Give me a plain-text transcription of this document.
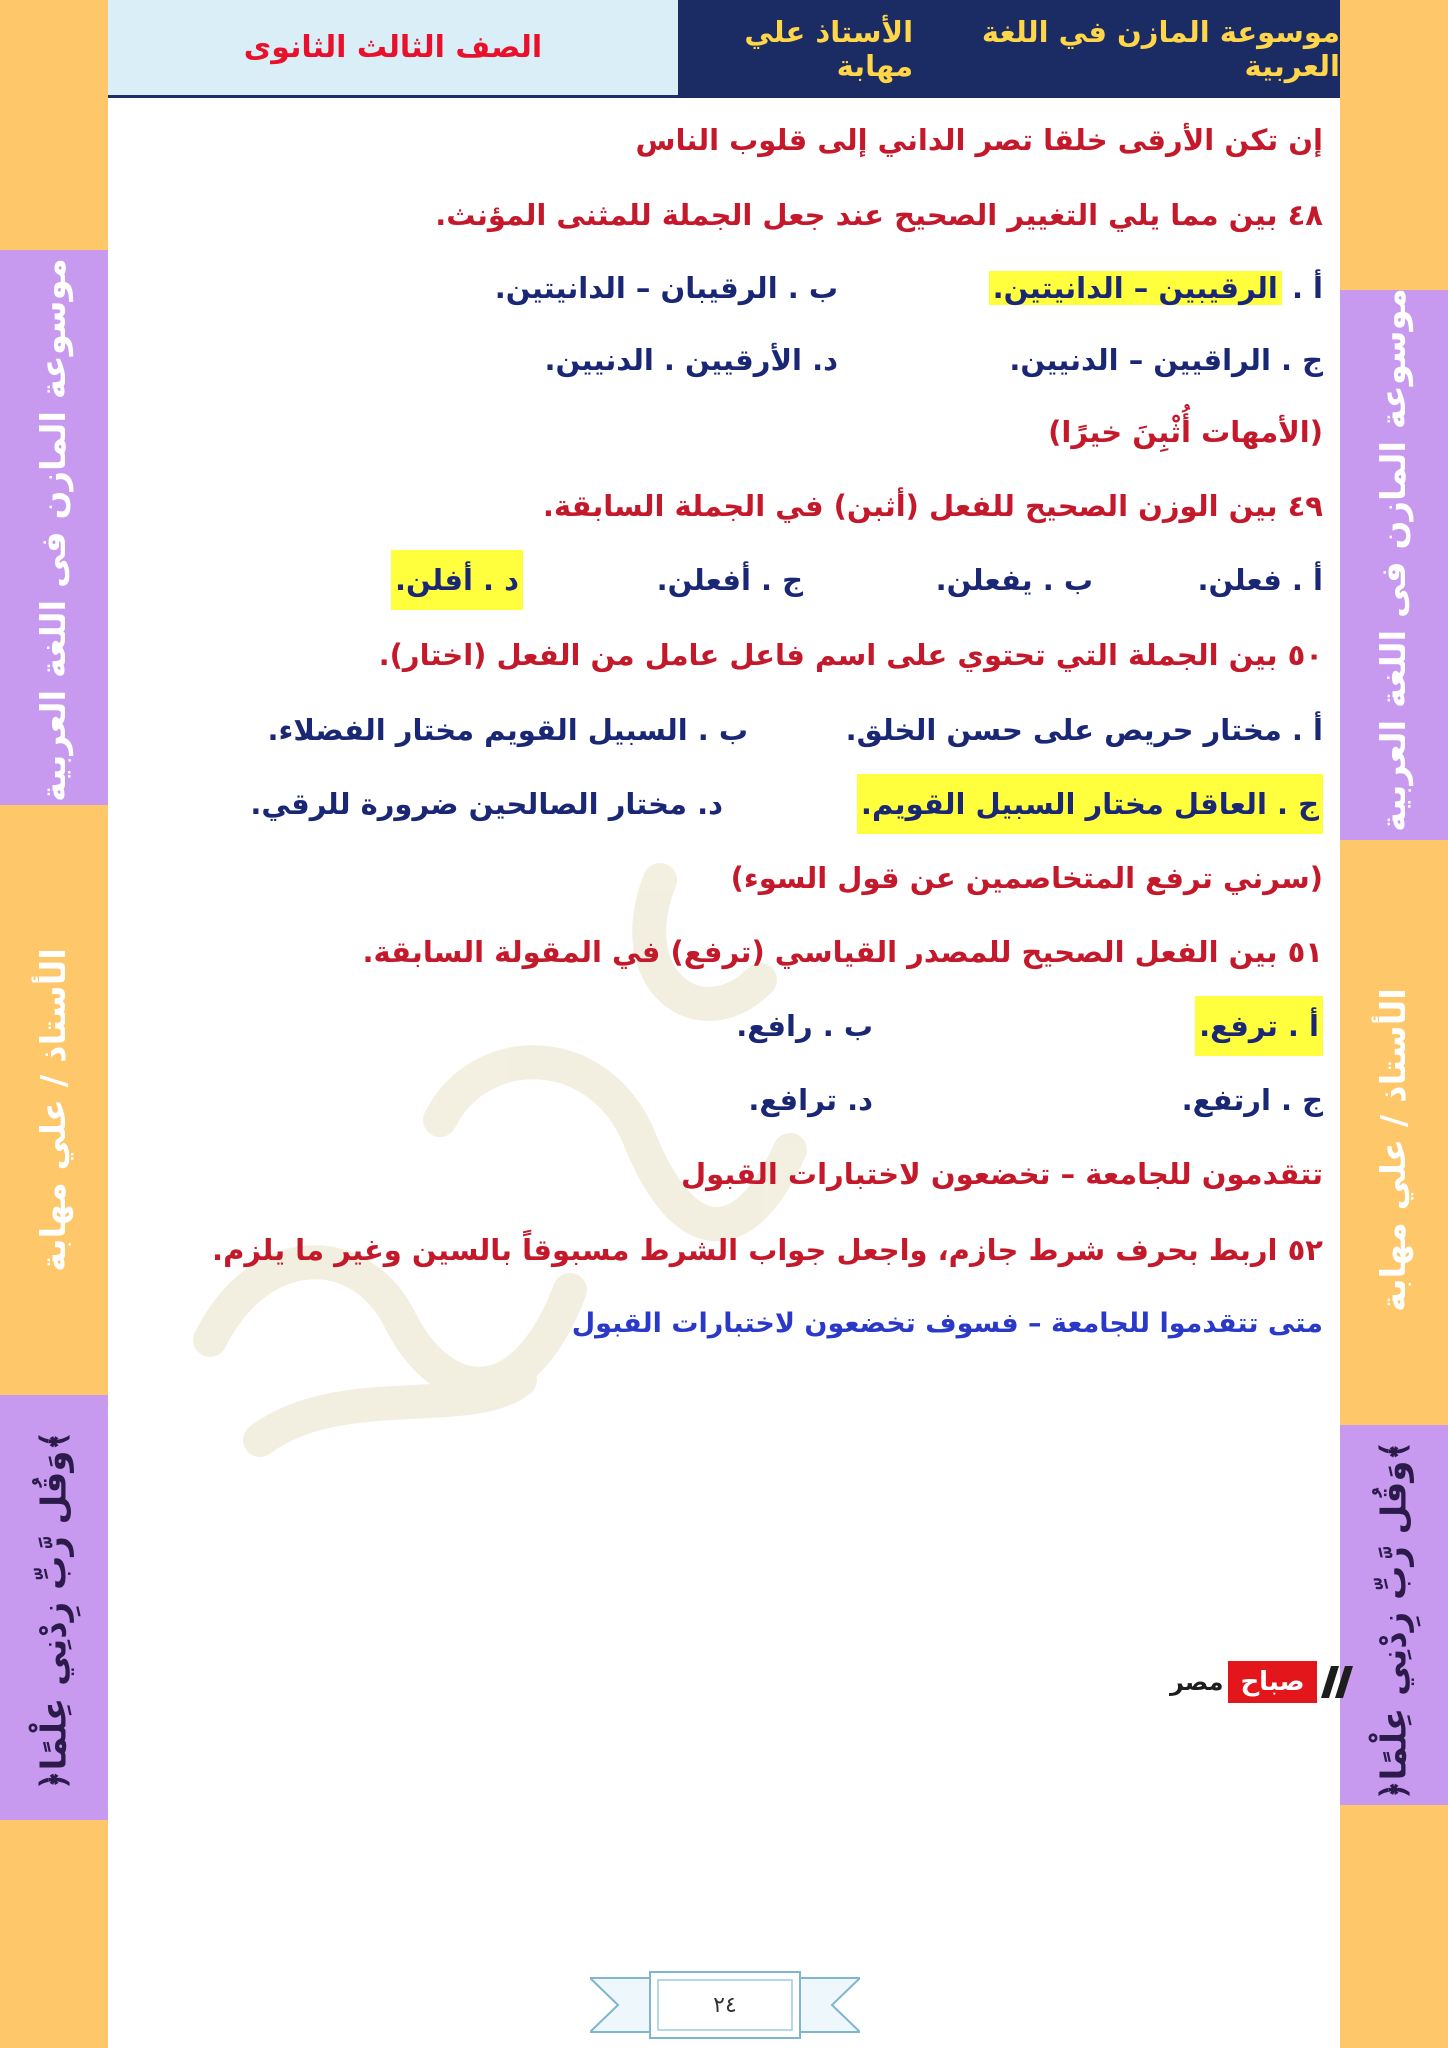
موسوعة المازن فى اللغة العربية
الأستاذ / علي مهابة
﴿وَقُل رَّبِّ زِدْنِي عِلْمًا﴾
موسوعة المازن فى اللغة العربية
الأستاذ / علي مهابة
﴿وَقُل رَّبِّ زِدْنِي عِلْمًا﴾
الصف الثالث الثانوى	موسوعة المازن في اللغة العربية
الأستاذ علي مهابة
إن تكن الأرقى خلقا تصر الداني إلى قلوب الناس
٤٨ بين مما يلي التغيير الصحيح عند جعل الجملة للمثنى المؤنث.
أ . الرقيبين – الدانيتين.
ب . الرقيبان – الدانيتين.
ج . الراقيين – الدنيين.
د. الأرقيين . الدنيين.
(الأمهات أُثْبِنَ خيرًا)
٤٩ بين الوزن الصحيح للفعل (أثبن) في الجملة السابقة.
أ . فعلن.
ب . يفعلن.
ج . أفعلن.
د . أفلن.
٥٠ بين الجملة التي تحتوي على اسم فاعل عامل من الفعل (اختار).
أ . مختار حريص على حسن الخلق.
ب . السبيل القويم مختار الفضلاء.
ج . العاقل مختار السبيل القويم.
د. مختار الصالحين ضرورة للرقي.
(سرني ترفع المتخاصمين عن قول السوء)
٥١ بين الفعل الصحيح للمصدر القياسي (ترفع) في المقولة السابقة.
أ . ترفع.
ب . رافع.
ج . ارتفع.
د. ترافع.
تتقدمون للجامعة – تخضعون لاختبارات القبول
٥٢ اربط بحرف شرط جازم، واجعل جواب الشرط مسبوقاً بالسين وغير ما يلزم.
متى تتقدموا للجامعة – فسوف تخضعون لاختبارات القبول
مصر صباح
٢٤
